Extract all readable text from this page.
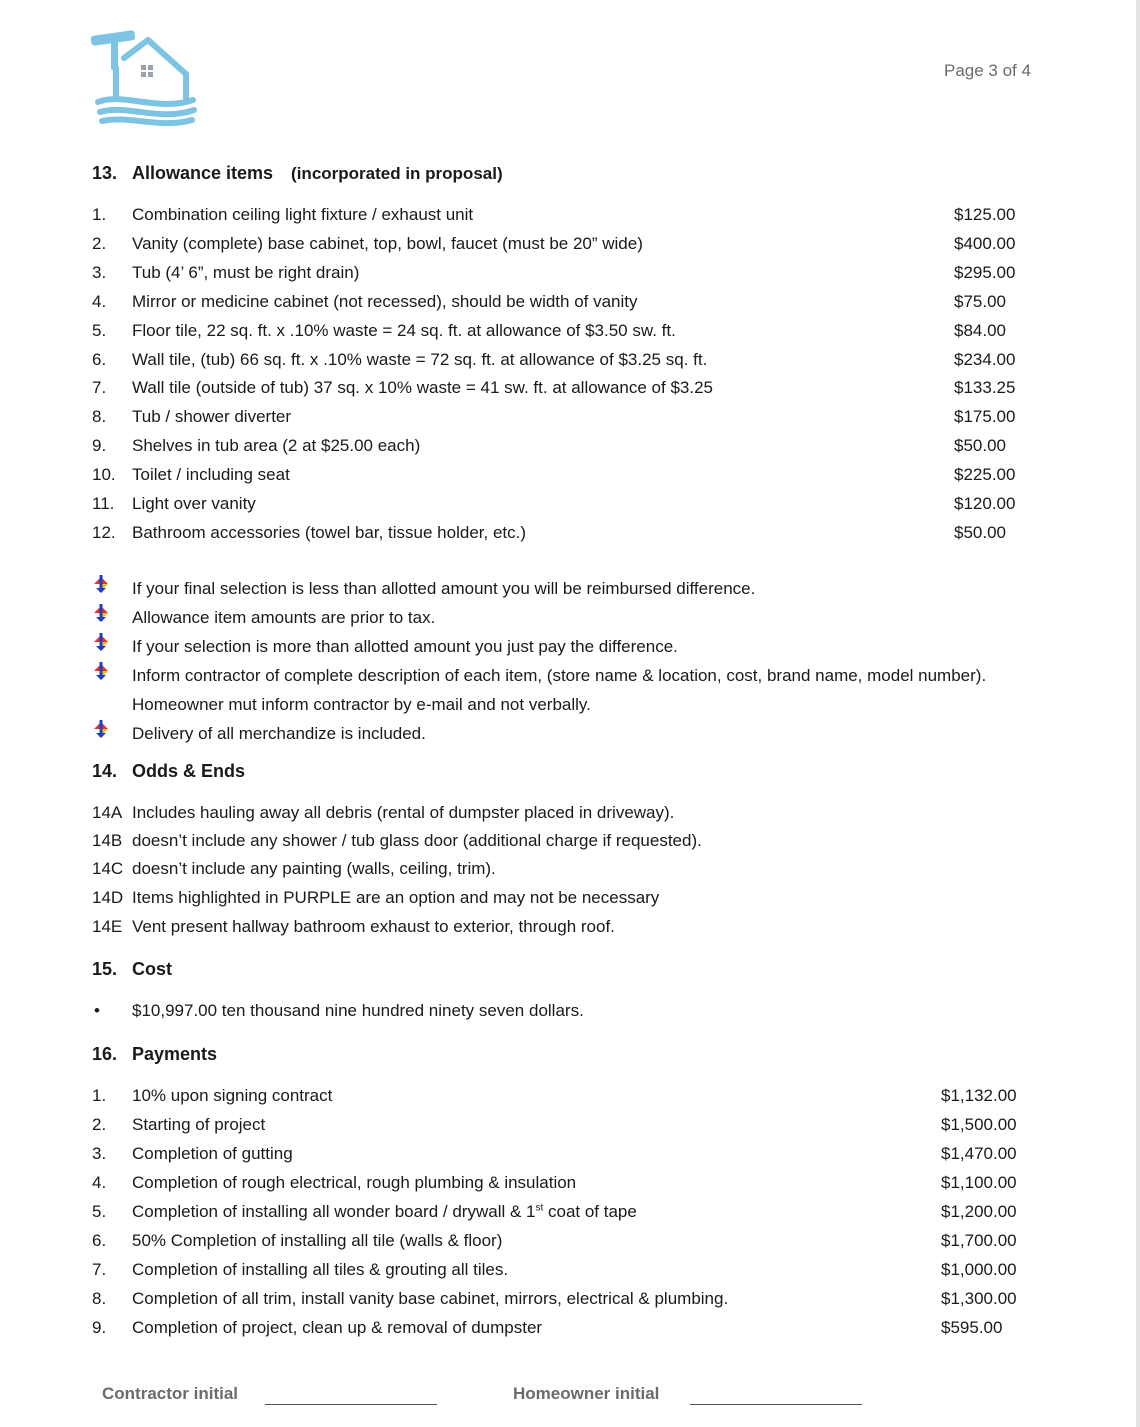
Page 3 of 4
13. Allowance items (incorporated in proposal)
1. Combination ceiling light fixture / exhaust unit	$125.00
2. Vanity (complete) base cabinet, top, bowl, faucet (must be 20” wide)	$400.00
3. Tub (4’ 6”, must be right drain)	$295.00
4. Mirror or medicine cabinet (not recessed), should be width of vanity	$75.00
5. Floor tile, 22 sq. ft. x .10% waste = 24 sq. ft. at allowance of $3.50 sw. ft.	$84.00
6. Wall tile, (tub) 66 sq. ft. x .10% waste = 72 sq. ft. at allowance of $3.25 sq. ft.	$234.00
7. Wall tile (outside of tub) 37 sq. x 10% waste = 41 sw. ft. at allowance of $3.25	$133.25
8. Tub / shower diverter	$175.00
9. Shelves in tub area (2 at $25.00 each)	$50.00
10. Toilet / including seat	$225.00
11. Light over vanity	$120.00
12. Bathroom accessories (towel bar, tissue holder, etc.)	$50.00
If your final selection is less than allotted amount you will be reimbursed difference.
Allowance item amounts are prior to tax.
If your selection is more than allotted amount you just pay the difference.
Inform contractor of complete description of each item, (store name & location, cost, brand name, model number). Homeowner mut inform contractor by e-mail and not verbally.
Delivery of all merchandize is included.
14. Odds & Ends
14A Includes hauling away all debris (rental of dumpster placed in driveway).
14B doesn’t include any shower / tub glass door (additional charge if requested).
14C doesn’t include any painting (walls, ceiling, trim).
14D Items highlighted in PURPLE are an option and may not be necessary
14E Vent present hallway bathroom exhaust to exterior, through roof.
15. Cost
• $10,997.00 ten thousand nine hundred ninety seven dollars.
16. Payments
1. 10% upon signing contract	$1,132.00
2. Starting of project	$1,500.00
3. Completion of gutting	$1,470.00
4. Completion of rough electrical, rough plumbing & insulation	$1,100.00
5. Completion of installing all wonder board / drywall & 1st coat of tape	$1,200.00
6. 50% Completion of installing all tile (walls & floor)	$1,700.00
7. Completion of installing all tiles & grouting all tiles.	$1,000.00
8. Completion of all trim, install vanity base cabinet, mirrors, electrical & plumbing.	$1,300.00
9. Completion of project, clean up & removal of dumpster	$595.00
Contractor initial	Homeowner initial
